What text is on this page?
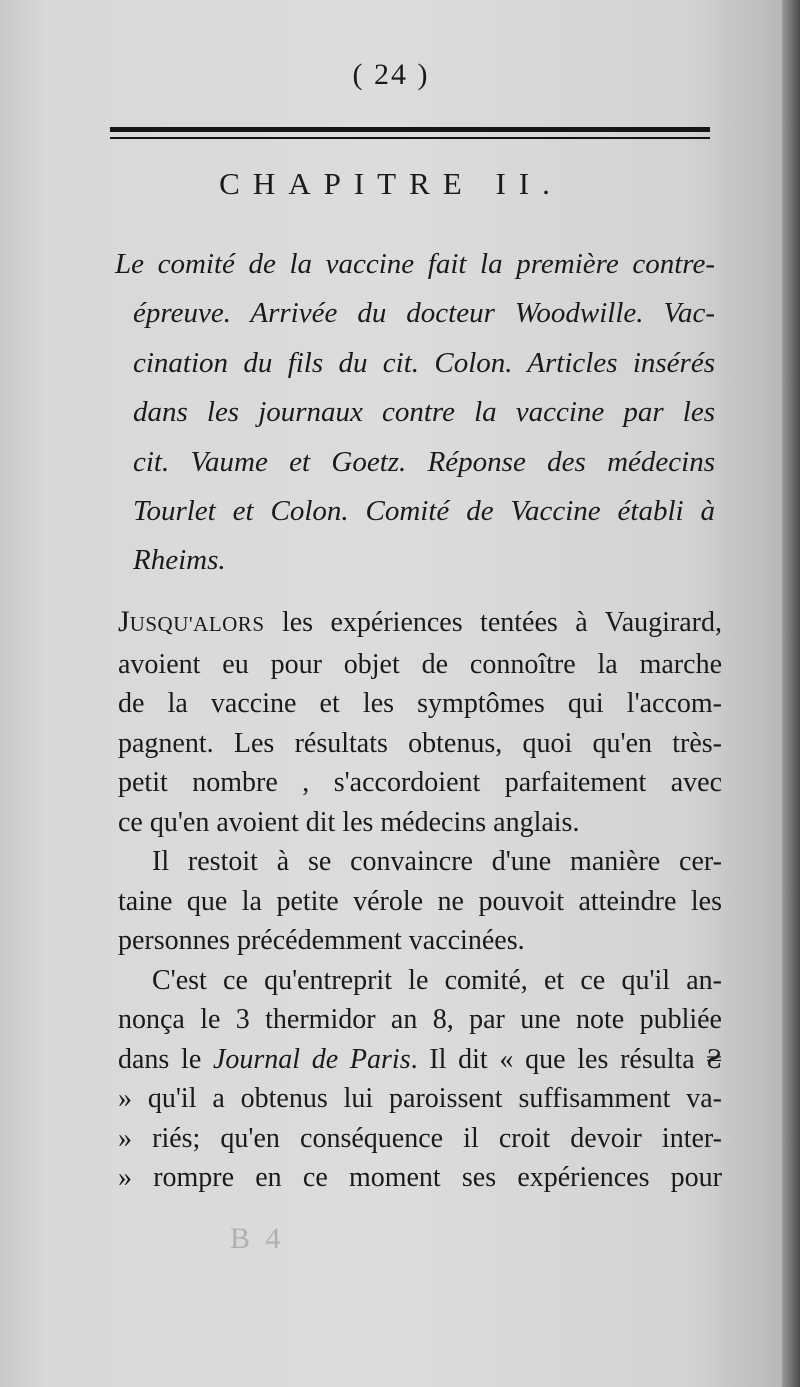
( 24 )
CHAPITRE II.
Le comité de la vaccine fait la première contre-
épreuve. Arrivée du docteur Woodwille. Vac-
cination du fils du cit. Colon. Articles insérés
dans les journaux contre la vaccine par les
cit. Vaume et Goetz. Réponse des médecins
Tourlet et Colon. Comité de Vaccine établi à
Rheims.
JUSQU'ALORS les expériences tentées à Vaugirard,
avoient eu pour objet de connoître la marche
de la vaccine et les symptômes qui l'accom-
pagnent. Les résultats obtenus, quoi qu'en très-
petit nombre , s'accordoient parfaitement avec
ce qu'en avoient dit les médecins anglais.
Il restoit à se convaincre d'une manière cer-
taine que la petite vérole ne pouvoit atteindre les
personnes précédemment vaccinées.
C'est ce qu'entreprit le comité, et ce qu'il an-
nonça le 3 thermidor an 8, par une note publiée
dans le Journal de Paris. Il dit « que les résulta ₴
» qu'il a obtenus lui paroissent suffisamment va-
» riés; qu'en conséquence il croit devoir inter-
» rompre en ce moment ses expériences pour
B 4
